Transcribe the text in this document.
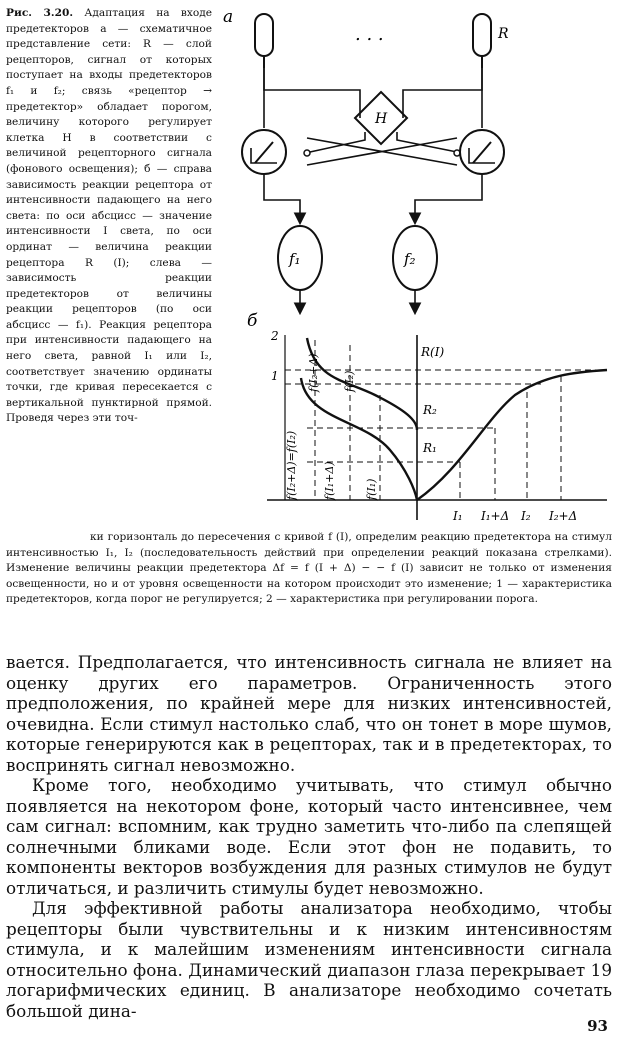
Рис. 3.20. Адаптация на входе предетекторов а — схематичное представление сети: R — слой рецепторов, сигнал от которых поступает на входы предетекторов f₁ и f₂; связь «рецептор → предетектор» обладает порогом, величину которого регулирует клетка H в соответствии с величиной рецепторного сигнала (фонового освещения); б — справа зависимость реакции рецептора от интенсивности падающего на него света: по оси абсцисс — значение интенсивности I света, по оси ординат — величина реакции рецептора R (I); слева — зависимость реакции предетекторов от величины реакции рецепторов (по оси абсцисс — f₁). Реакция рецептора при интенсивности падающего на него света, равной I₁ или I₂, соответствует значению ординаты точки, где кривая пересекается с вертикальной пунктирной прямой. Проведя через эти точ-
а
. . .	R
H
f₁	f₂
б
R(I)
2
1
R₂
R₁
f(I₂+Δ) f(I₂)
f(I₁+Δ)	f(I₁)
f(I₂+Δ)=f(I₂)
I₁ I₁+Δ I₂ I₂+Δ
ки горизонталь до пересечения с кривой f (I), определим реакцию предетектора на стимул интенсивностью I₁, I₂ (последовательность действий при определении реакций показана стрелками). Изменение величины реакции предетектора Δf = f (I + Δ) − − f (I) зависит не только от изменения освещенности, но и от уровня освещенности на котором происходит это изменение; 1 — характеристика предетекторов, когда порог не регулируется; 2 — характеристика при регулировании порога.

вается. Предполагается, что интенсивность сигнала не влияет на оценку других его параметров. Ограниченность этого предположения, по крайней мере для низких интенсивностей, очевидна. Если стимул настолько слаб, что он тонет в море шумов, которые генерируются как в рецепторах, так и в предетекторах, то воспринять сигнал невозможно.

Кроме того, необходимо учитывать, что стимул обычно появляется на некотором фоне, который часто интенсивнее, чем сам сигнал: вспомним, как трудно заметить что-либо па слепящей солнечными бликами воде. Если этот фон не подавить, то компоненты векторов возбуждения для разных стимулов не будут отличаться, и различить стимулы будет невозможно.

Для эффективной работы анализатора необходимо, чтобы рецепторы были чувствительны и к низким интенсивностям стимула, и к малейшим изменениям интенсивности сигнала относительно фона. Динамический диапазон глаза перекрывает 19 логарифмических единиц. В анализаторе необходимо сочетать большой дина-

93
